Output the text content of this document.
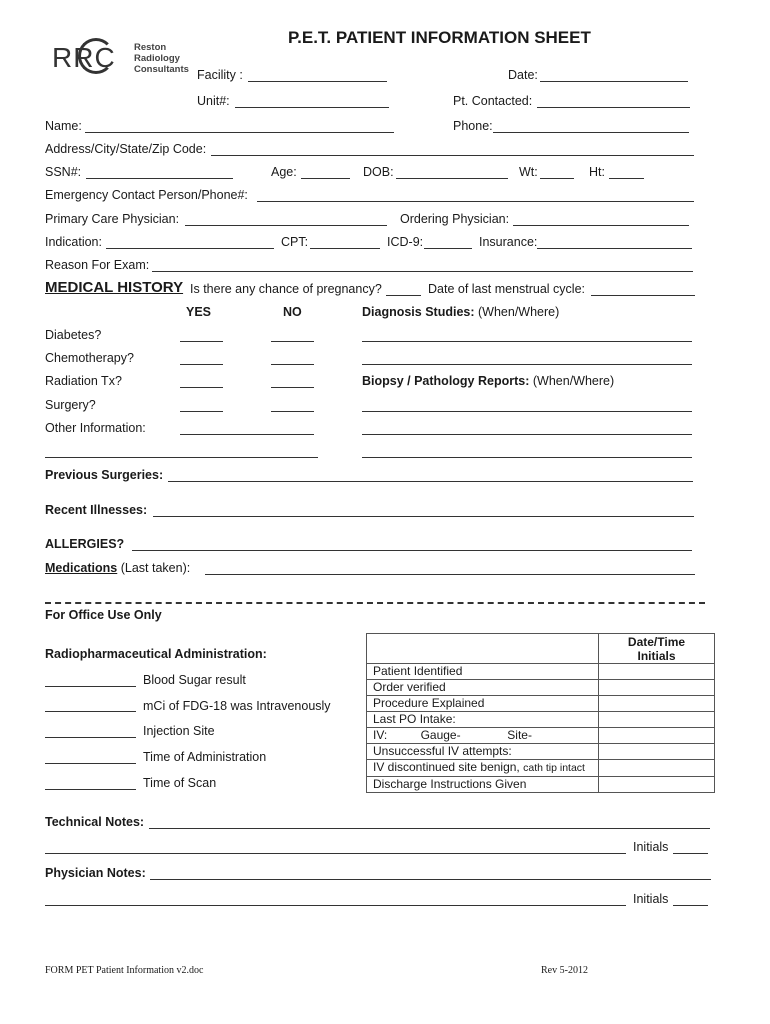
RRC Reston
Radiology
Consultants
P.E.T. PATIENT INFORMATION SHEET
Facility :	Date:
Unit#:	Pt. Contacted:
Name:	Phone:
Address/City/State/Zip Code:
SSN#:	Age:	DOB:	Wt:	Ht:
Emergency Contact Person/Phone#:
Primary Care Physician:	Ordering Physician:
Indication:	CPT:	ICD-9:	Insurance:
Reason For Exam:
MEDICAL HISTORY Is there any chance of pregnancy?	Date of last menstrual cycle:
YES	NO	Diagnosis Studies: (When/Where)
Diabetes?
Chemotherapy?
Radiation Tx?	Biopsy / Pathology Reports: (When/Where)
Surgery?
Other Information:
Previous Surgeries:
Recent Illnesses:
ALLERGIES?
Medications (Last taken):
For Office Use Only
Radiopharmaceutical Administration:
Blood Sugar result
mCi of FDG-18 was Intravenously
Injection Site
Time of Administration
Time of Scan

	Date/Time
Initials

Patient Identified	
Order verified	
Procedure Explained	
Last PO Intake:	
IV:          Gauge-              Site-	
Unsuccessful IV attempts:	
IV discontinued site benign, cath tip intact	
Discharge Instructions Given	
Technical Notes:
Initials
Physician Notes:
Initials
FORM PET Patient Information v2.doc	Rev 5-2012
